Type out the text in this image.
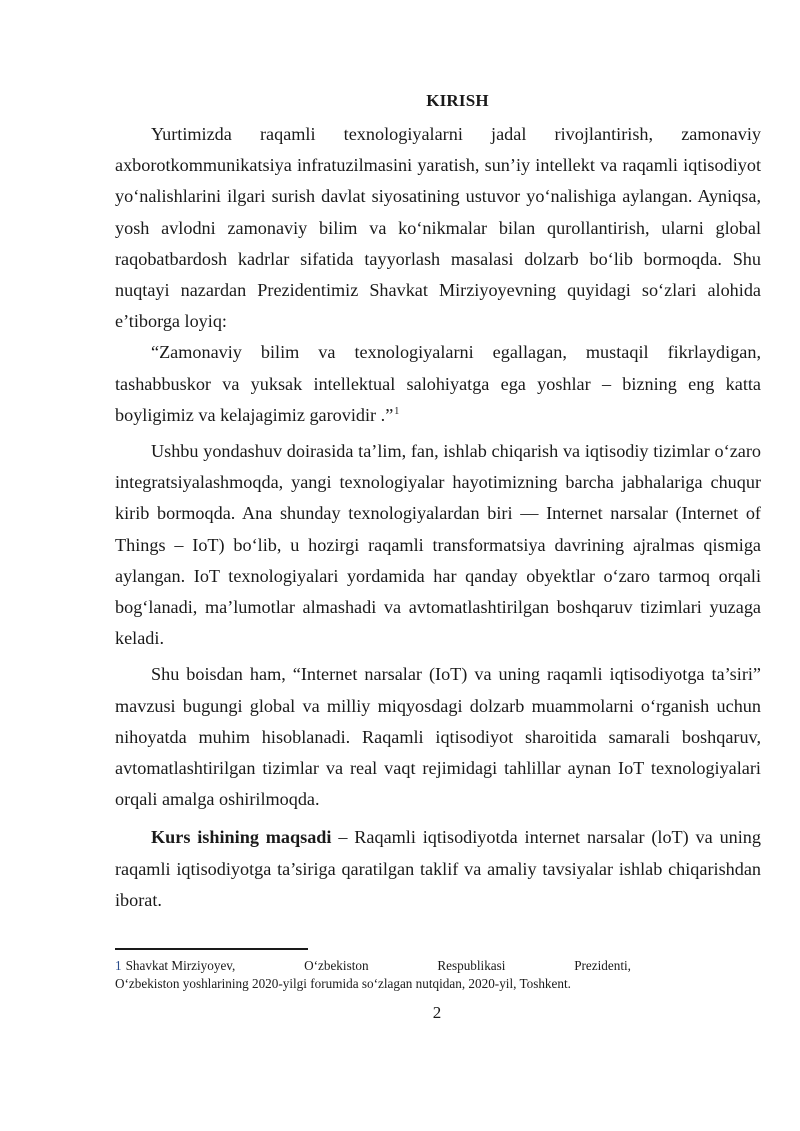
KIRISH

Yurtimizda raqamli texnologiyalarni jadal rivojlantirish, zamonaviy axborotkommunikatsiya infratuzilmasini yaratish, sun’iy intellekt va raqamli iqtisodiyot yo‘nalishlarini ilgari surish davlat siyosatining ustuvor yo‘nalishiga aylangan. Ayniqsa, yosh avlodni zamonaviy bilim va ko‘nikmalar bilan qurollantirish, ularni global raqobatbardosh kadrlar sifatida tayyorlash masalasi dolzarb bo‘lib bormoqda. Shu nuqtayi nazardan Prezidentimiz Shavkat Mirziyoyevning quyidagi so‘zlari alohida e’tiborga loyiq:

“Zamonaviy bilim va texnologiyalarni egallagan, mustaqil fikrlaydigan, tashabbuskor va yuksak intellektual salohiyatga ega yoshlar – bizning eng katta boyligimiz va kelajagimiz garovidir .”$^1$

Ushbu yondashuv doirasida ta’lim, fan, ishlab chiqarish va iqtisodiy tizimlar o‘zaro integratsiyalashmoqda, yangi texnologiyalar hayotimizning barcha jabhalariga chuqur kirib bormoqda. Ana shunday texnologiyalardan biri — Internet narsalar (Internet of Things – IoT) bo‘lib, u hozirgi raqamli transformatsiya davrining ajralmas qismiga aylangan. IoT texnologiyalari yordamida har qanday obyektlar o‘zaro tarmoq orqali bog‘lanadi, ma’lumotlar almashadi va avtomatlashtirilgan boshqaruv tizimlari yuzaga keladi.

Shu boisdan ham, “Internet narsalar (IoT) va uning raqamli iqtisodiyotga ta’siri” mavzusi bugungi global va milliy miqyosdagi dolzarb muammolarni o‘rganish uchun nihoyatda muhim hisoblanadi. Raqamli iqtisodiyot sharoitida samarali boshqaruv, avtomatlashtirilgan tizimlar va real vaqt rejimidagi tahlillar aynan IoT texnologiyalari orqali amalga oshirilmoqda.

Kurs ishining maqsadi – Raqamli iqtisodiyotda internet narsalar (loT) va uning raqamli iqtisodiyotga ta’siriga qaratilgan taklif va amaliy tavsiyalar ishlab chiqarishdan iborat.

1 Shavkat Mirziyoyev,	O‘zbekiston	Respublikasi	Prezidenti,
O‘zbekiston yoshlarining 2020-yilgi forumida so‘zlagan nutqidan, 2020-yil, Toshkent.
2
